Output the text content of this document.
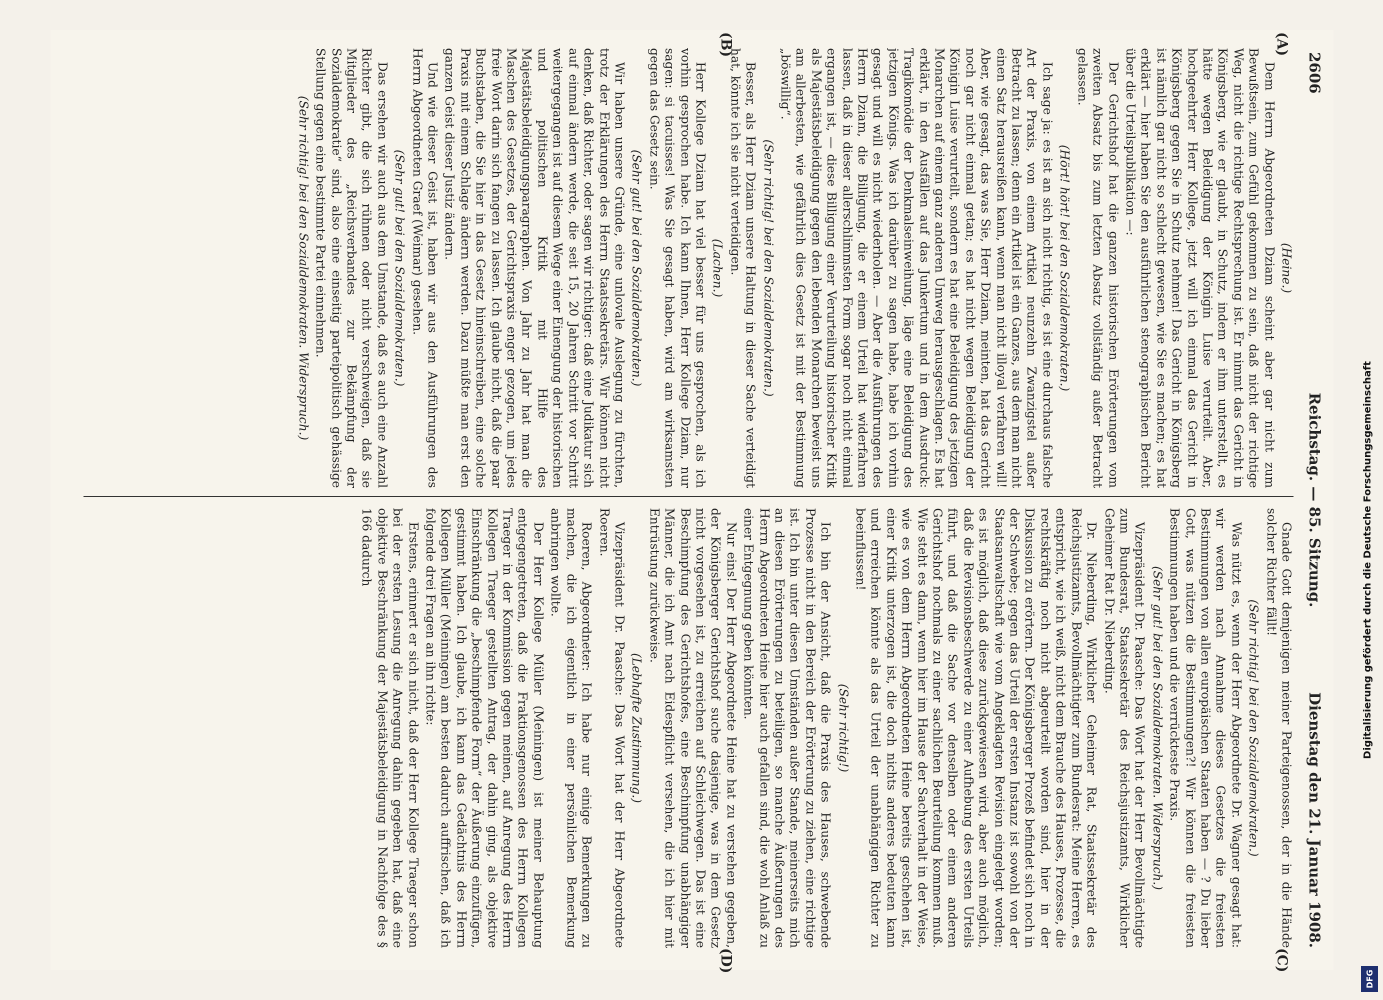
2606
Reichstag. — 85. Sitzung.
Dienstag den 21. Januar 1908.
(A)
(B)
(C)
(D)

(Heine.)

Dem Herrn Abgeordneten Dziam scheint aber gar nicht zum Bewußtsein, zum Gefühl gekommen zu sein, daß nicht der richtige Weg, nicht die richtige Rechtsprechung ist. Er nimmt das Gericht in Königsberg, wie er glaubt, in Schutz, indem er ihm unterstellt, es hätte wegen Beleidigung der Königin Luise verurteilt. Aber, hochgeehrter Herr Kollege, jetzt will ich einmal das Gericht in Königsberg gegen Sie in Schutz nehmen! Das Gericht in Königsberg ist nämlich gar nicht so schlecht gewesen, wie Sie es machen; es hat erklärt — hier haben Sie den ausführlichen stenographischen Bericht über die Urteilspublikation —:

Der Gerichtshof hat die ganzen historischen Erörterungen vom zweiten Absatz bis zum letzten Absatz vollständig außer Betracht gelassen.

(Hört! hört! bei den Sozialdemokraten.)

Ich sage ja: es ist an sich nicht richtig, es ist eine durchaus falsche Art der Praxis, von einem Artikel neunzehn Zwanzigstel außer Betracht zu lassen; denn ein Artikel ist ein Ganzes, aus dem man nicht einen Satz herausreißen kann, wenn man nicht illoyal verfahren will! Aber, wie gesagt, das was Sie, Herr Dziam, meinten, hat das Gericht noch gar nicht einmal getan; es hat nicht wegen Beleidigung der Königin Luise verurteilt, sondern es hat eine Beleidigung des jetzigen Monarchen auf einem ganz anderen Umweg herausgeschlagen. Es hat erklärt, in den Ausfällen auf das Junkertum und in dem Ausdruck: Tragikomödie der Denkmalseinweihung, läge eine Beleidigung des jetzigen Königs. Was ich darüber zu sagen habe, habe ich vorhin gesagt und will es nicht wiederholen. — Aber die Ausführungen des Herrn Dziam, die Billigung, die er einem Urteil hat widerfahren lassen, daß in dieser allerschlimmsten Form sogar noch nicht einmal ergangen ist, — diese Billigung einer Verurteilung historischer Kritik als Majestätsbeleidigung gegen den lebenden Monarchen beweist uns am allerbesten, wie gefährlich dies Gesetz ist mit der Bestimmung „böswillig“.

(Sehr richtig! bei den Sozialdemokraten.)

Besser, als Herr Dziam unsere Haltung in dieser Sache verteidigt hat, könnte ich sie nicht verteidigen.

(Lachen.)

Herr Kollege Dziam hat viel besser für uns gesprochen, als ich vorhin gesprochen habe. Ich kann Ihnen, Herr Kollege Dziam, nur sagen: si tacuisses! Was Sie gesagt haben, wird am wirksamsten gegen das Gesetz sein.

(Sehr gut! bei den Sozialdemokraten.)

Wir haben unsere Gründe, eine unlovale Auslegung zu fürchten, trotz der Erklärungen des Herrn Staatssekretärs. Wir können nicht denken, daß Richter, oder sagen wir richtiger: daß eine Judikatur sich auf einmal ändern werde, die seit 15, 20 Jahren Schritt vor Schritt weitergegangen ist auf diesem Wege einer Einengung der historischen und politischen Kritik mit Hilfe des Majestätsbeleidigungsparagraphen. Von Jahr zu Jahr hat man die Maschen des Gesetzes, der Gerichtspraxis enger gezogen, um jedes freie Wort darin sich fangen zu lassen. Ich glaube nicht, daß die paar Buchstaben, die Sie hier in das Gesetz hineinschreiben, eine solche Praxis mit einem Schlage ändern werden. Dazu müßte man erst den ganzen Geist dieser Justiz ändern.

Und wie dieser Geist ist, haben wir aus den Ausführungen des Herrn Abgeordneten Graef (Weimar) gesehen.

(Sehr gut! bei den Sozialdemokraten.)

Das ersehen wir auch aus dem Umstande, daß es auch eine Anzahl Richter gibt, die sich rühmen oder nicht verschweigen, daß sie Mitglieder des „Reichsverbandes zur Bekämpfung der Sozialdemokratie“ sind, also eine einseitig parteipolitisch gehässige Stellung gegen eine bestimmte Partei einnehmen.

(Sehr richtig! bei den Sozialdemokraten. Widerspruch.)

Gnade Gott demjenigen meiner Parteigenossen, der in die Hände solcher Richter fällt!

(Sehr richtig! bei den Sozialdemokraten.)

Was nützt es, wenn der Herr Abgeordnete Dr. Wagner gesagt hat: wir werden nach Annahme dieses Gesetzes die freiesten Bestimmungen von allen europäischen Staaten haben — ? Du lieber Gott, was nützen die Bestimmungen?! Wir können die freiesten Bestimmungen haben und die verrückteste Praxis.

(Sehr gut! bei den Sozialdemokraten. Widerspruch.)

Vizepräsident Dr. Paasche: Das Wort hat der Herr Bevollmächtigte zum Bundesrat, Staatssekretär des Reichsjustizamts, Wirklicher Geheimer Rat Dr. Nieberding.

Dr. Nieberding, Wirklicher Geheimer Rat, Staatssekretär des Reichsjustizamts, Bevollmächtigter zum Bundesrat: Meine Herren, es entspricht, wie ich weiß, nicht dem Brauche des Hauses, Prozesse, die rechtskräftig noch nicht abgeurteilt worden sind, hier in der Diskussion zu erörtern. Der Königsberger Prozeß befindet sich noch in der Schwebe; gegen das Urteil der ersten Instanz ist sowohl von der Staatsanwaltschaft wie vom Angeklagten Revision eingelegt worden; es ist möglich, daß diese zurückgewiesen wird, aber auch möglich, daß die Revisionsbeschwerde zu einer Aufhebung des ersten Urteils führt, und daß die Sache vor denselben oder einem anderen Gerichtshof nochmals zu einer sachlichen Beurteilung kommen muß. Wie steht es dann, wenn hier im Hause der Sachverhalt in der Weise, wie es von dem Herrn Abgeordneten Heine bereits geschehen ist, einer Kritik unterzogen ist, die doch nichts anderes bedeuten kann und erreichen könnte als das Urteil der unabhängigen Richter zu beeinflussen!

(Sehr richtig!)

Ich bin der Ansicht, daß die Praxis des Hauses, schwebende Prozesse nicht in den Bereich der Erörterung zu ziehen, eine richtige ist. Ich bin unter diesen Umständen außer Stande, meinerseits mich an diesen Erörterungen zu beteiligen, so manche Äußerungen des Herrn Abgeordneten Heine hier auch gefallen sind, die wohl Anlaß zu einer Entgegnung geben könnten.

Nur eins! Der Herr Abgeordnete Heine hat zu verstehen gegeben, der Königsberger Gerichtshof suche dasjenige, was in dem Gesetz nicht vorgesehen ist, zu erreichen auf Schleichwegen. Das ist eine Beschimpfung des Gerichtshofes, eine Beschimpfung unabhängiger Männer, die ich Amt nach Eidespflicht versehen, die ich hier mit Entrüstung zurückweise.

(Lebhafte Zustimmung.)

Vizepräsident Dr. Paasche: Das Wort hat der Herr Abgeordnete Roeren.

Roeren, Abgeordneter: Ich habe nur einige Bemerkungen zu machen, die ich eigentlich in einer persönlichen Bemerkung anbringen wollte.

Der Herr Kollege Müller (Meiningen) ist meiner Behauptung entgegengetreten, daß die Fraktionsgenossen des Herrn Kollegen Traeger in der Kommission gegen meinen, auf Anregung des Herrn Kollegen Traeger gestellten Antrag, der dahin ging, als objektive Einschränkung die „beschimpfende Form“ der Äußerung einzufügen, gestimmt haben. Ich glaube, ich kann das Gedächtnis des Herrn Kollegen Müller (Meiningen) am besten dadurch auffrischen, daß ich folgende drei Fragen an ihn richte:

Erstens, erinnert er sich nicht, daß der Herr Kollege Traeger schon bei der ersten Lesung die Anregung dahin gegeben hat, daß eine objektive Beschränkung der Majestätsbeleidigung in Nachfolge des § 166 dadurch	Digitalisierung gefördert durch die Deutsche Forschungsgemeinschaft
DFG
